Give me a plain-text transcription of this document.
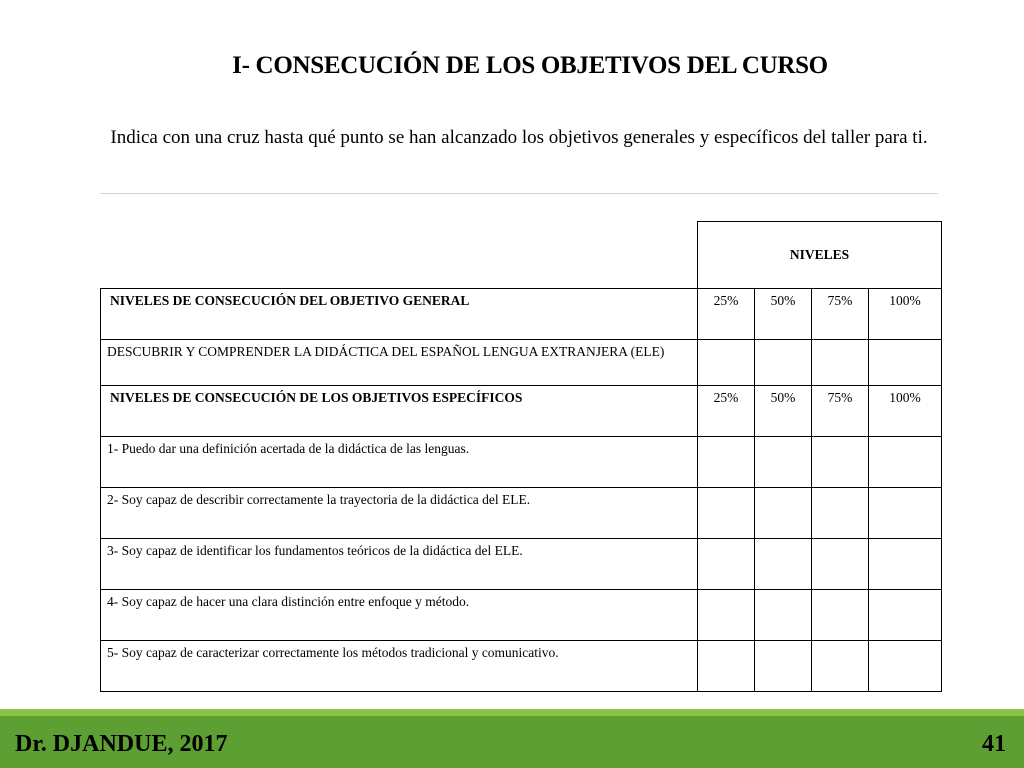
I- CONSECUCIÓN DE LOS OBJETIVOS DEL CURSO
Indica con una cruz hasta qué punto se han alcanzado los objetivos generales y específicos del taller para ti.
	NIVELES			
NIVELES DE CONSECUCIÓN DEL OBJETIVO GENERAL	25%	50%	75%	100%
DESCUBRIR Y COMPRENDER LA DIDÁCTICA DEL ESPAÑOL LENGUA EXTRANJERA (ELE)				
NIVELES DE CONSECUCIÓN DE LOS OBJETIVOS ESPECÍFICOS	25%	50%	75%	100%
1- Puedo dar una definición acertada de la didáctica de las lenguas.				
2- Soy capaz de describir correctamente la trayectoria de la didáctica del ELE.				
3- Soy capaz de identificar los fundamentos teóricos de la didáctica del ELE.				
4- Soy capaz de hacer una clara distinción entre enfoque y método.				
5- Soy capaz de caracterizar correctamente los métodos tradicional y comunicativo.				
Dr. DJANDUE, 2017	41
